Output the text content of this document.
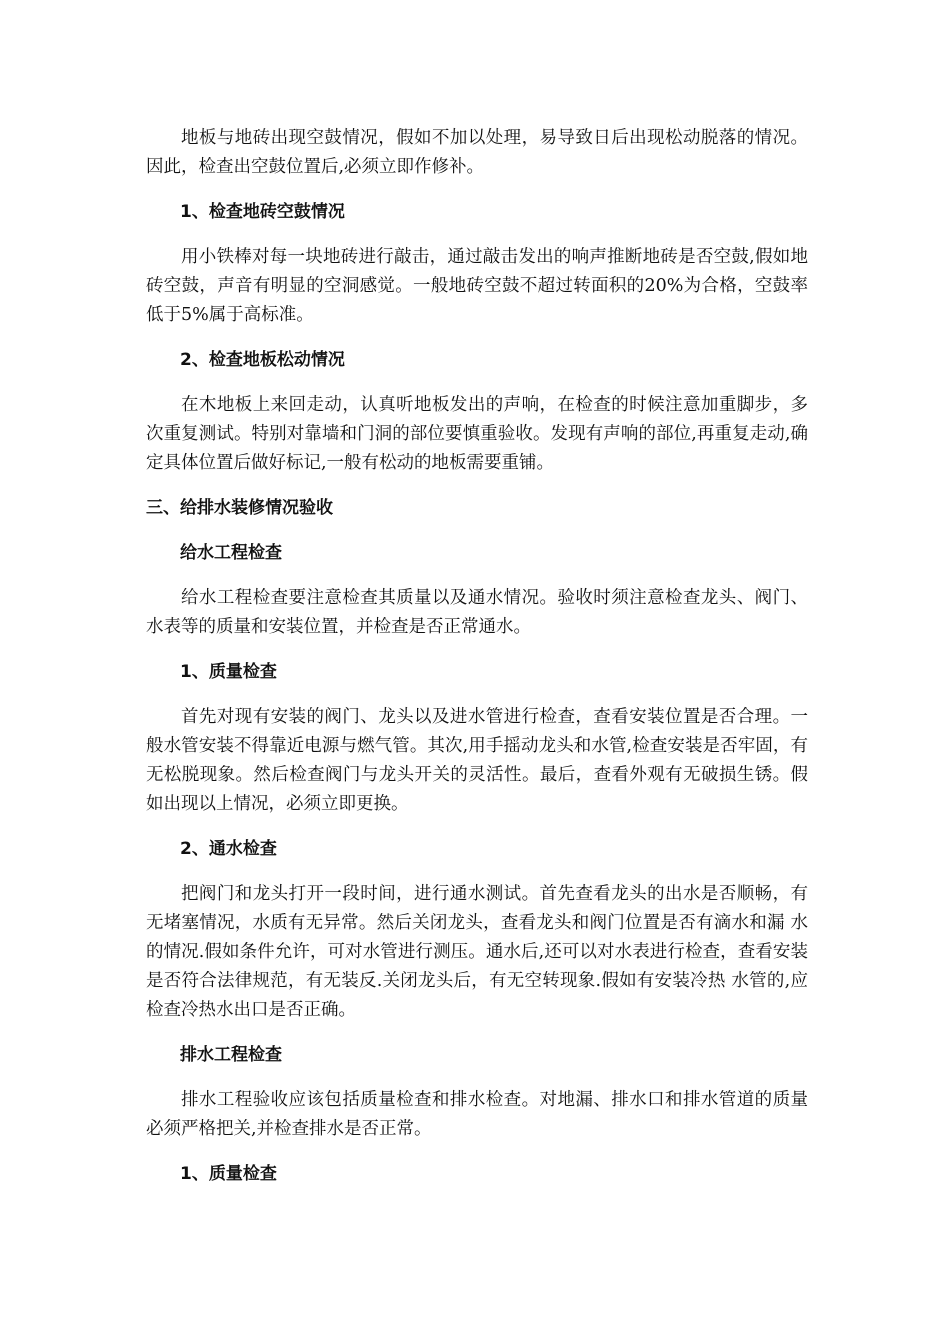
地板与地砖出现空鼓情况，假如不加以处理，易导致日后出现松动脱落的情况。因此，检查出空鼓位置后,必须立即作修补。

1、检查地砖空鼓情况

用小铁棒对每一块地砖进行敲击，通过敲击发出的响声推断地砖是否空鼓,假如地砖空鼓，声音有明显的空洞感觉。一般地砖空鼓不超过转面积的20%为合格，空鼓率低于5%属于高标准。

2、检查地板松动情况

在木地板上来回走动，认真听地板发出的声响，在检查的时候注意加重脚步，多次重复测试。特别对靠墙和门洞的部位要慎重验收。发现有声响的部位,再重复走动,确定具体位置后做好标记,一般有松动的地板需要重铺。

三、给排水装修情况验收

给水工程检查

给水工程检查要注意检查其质量以及通水情况。验收时须注意检查龙头、阀门、水表等的质量和安装位置，并检查是否正常通水。

1、质量检查

首先对现有安装的阀门、龙头以及进水管进行检查，查看安装位置是否合理。一般水管安装不得靠近电源与燃气管。其次,用手摇动龙头和水管,检查安装是否牢固，有无松脱现象。然后检查阀门与龙头开关的灵活性。最后，查看外观有无破损生锈。假如出现以上情况，必须立即更换。

2、通水检查

把阀门和龙头打开一段时间，进行通水测试。首先查看龙头的出水是否顺畅，有无堵塞情况，水质有无异常。然后关闭龙头，查看龙头和阀门位置是否有滴水和漏 水的情况.假如条件允许，可对水管进行测压。通水后,还可以对水表进行检查，查看安装是否符合法律规范，有无装反.关闭龙头后，有无空转现象.假如有安装冷热 水管的,应检查冷热水出口是否正确。

排水工程检查

排水工程验收应该包括质量检查和排水检查。对地漏、排水口和排水管道的质量必须严格把关,并检查排水是否正常。

1、质量检查
